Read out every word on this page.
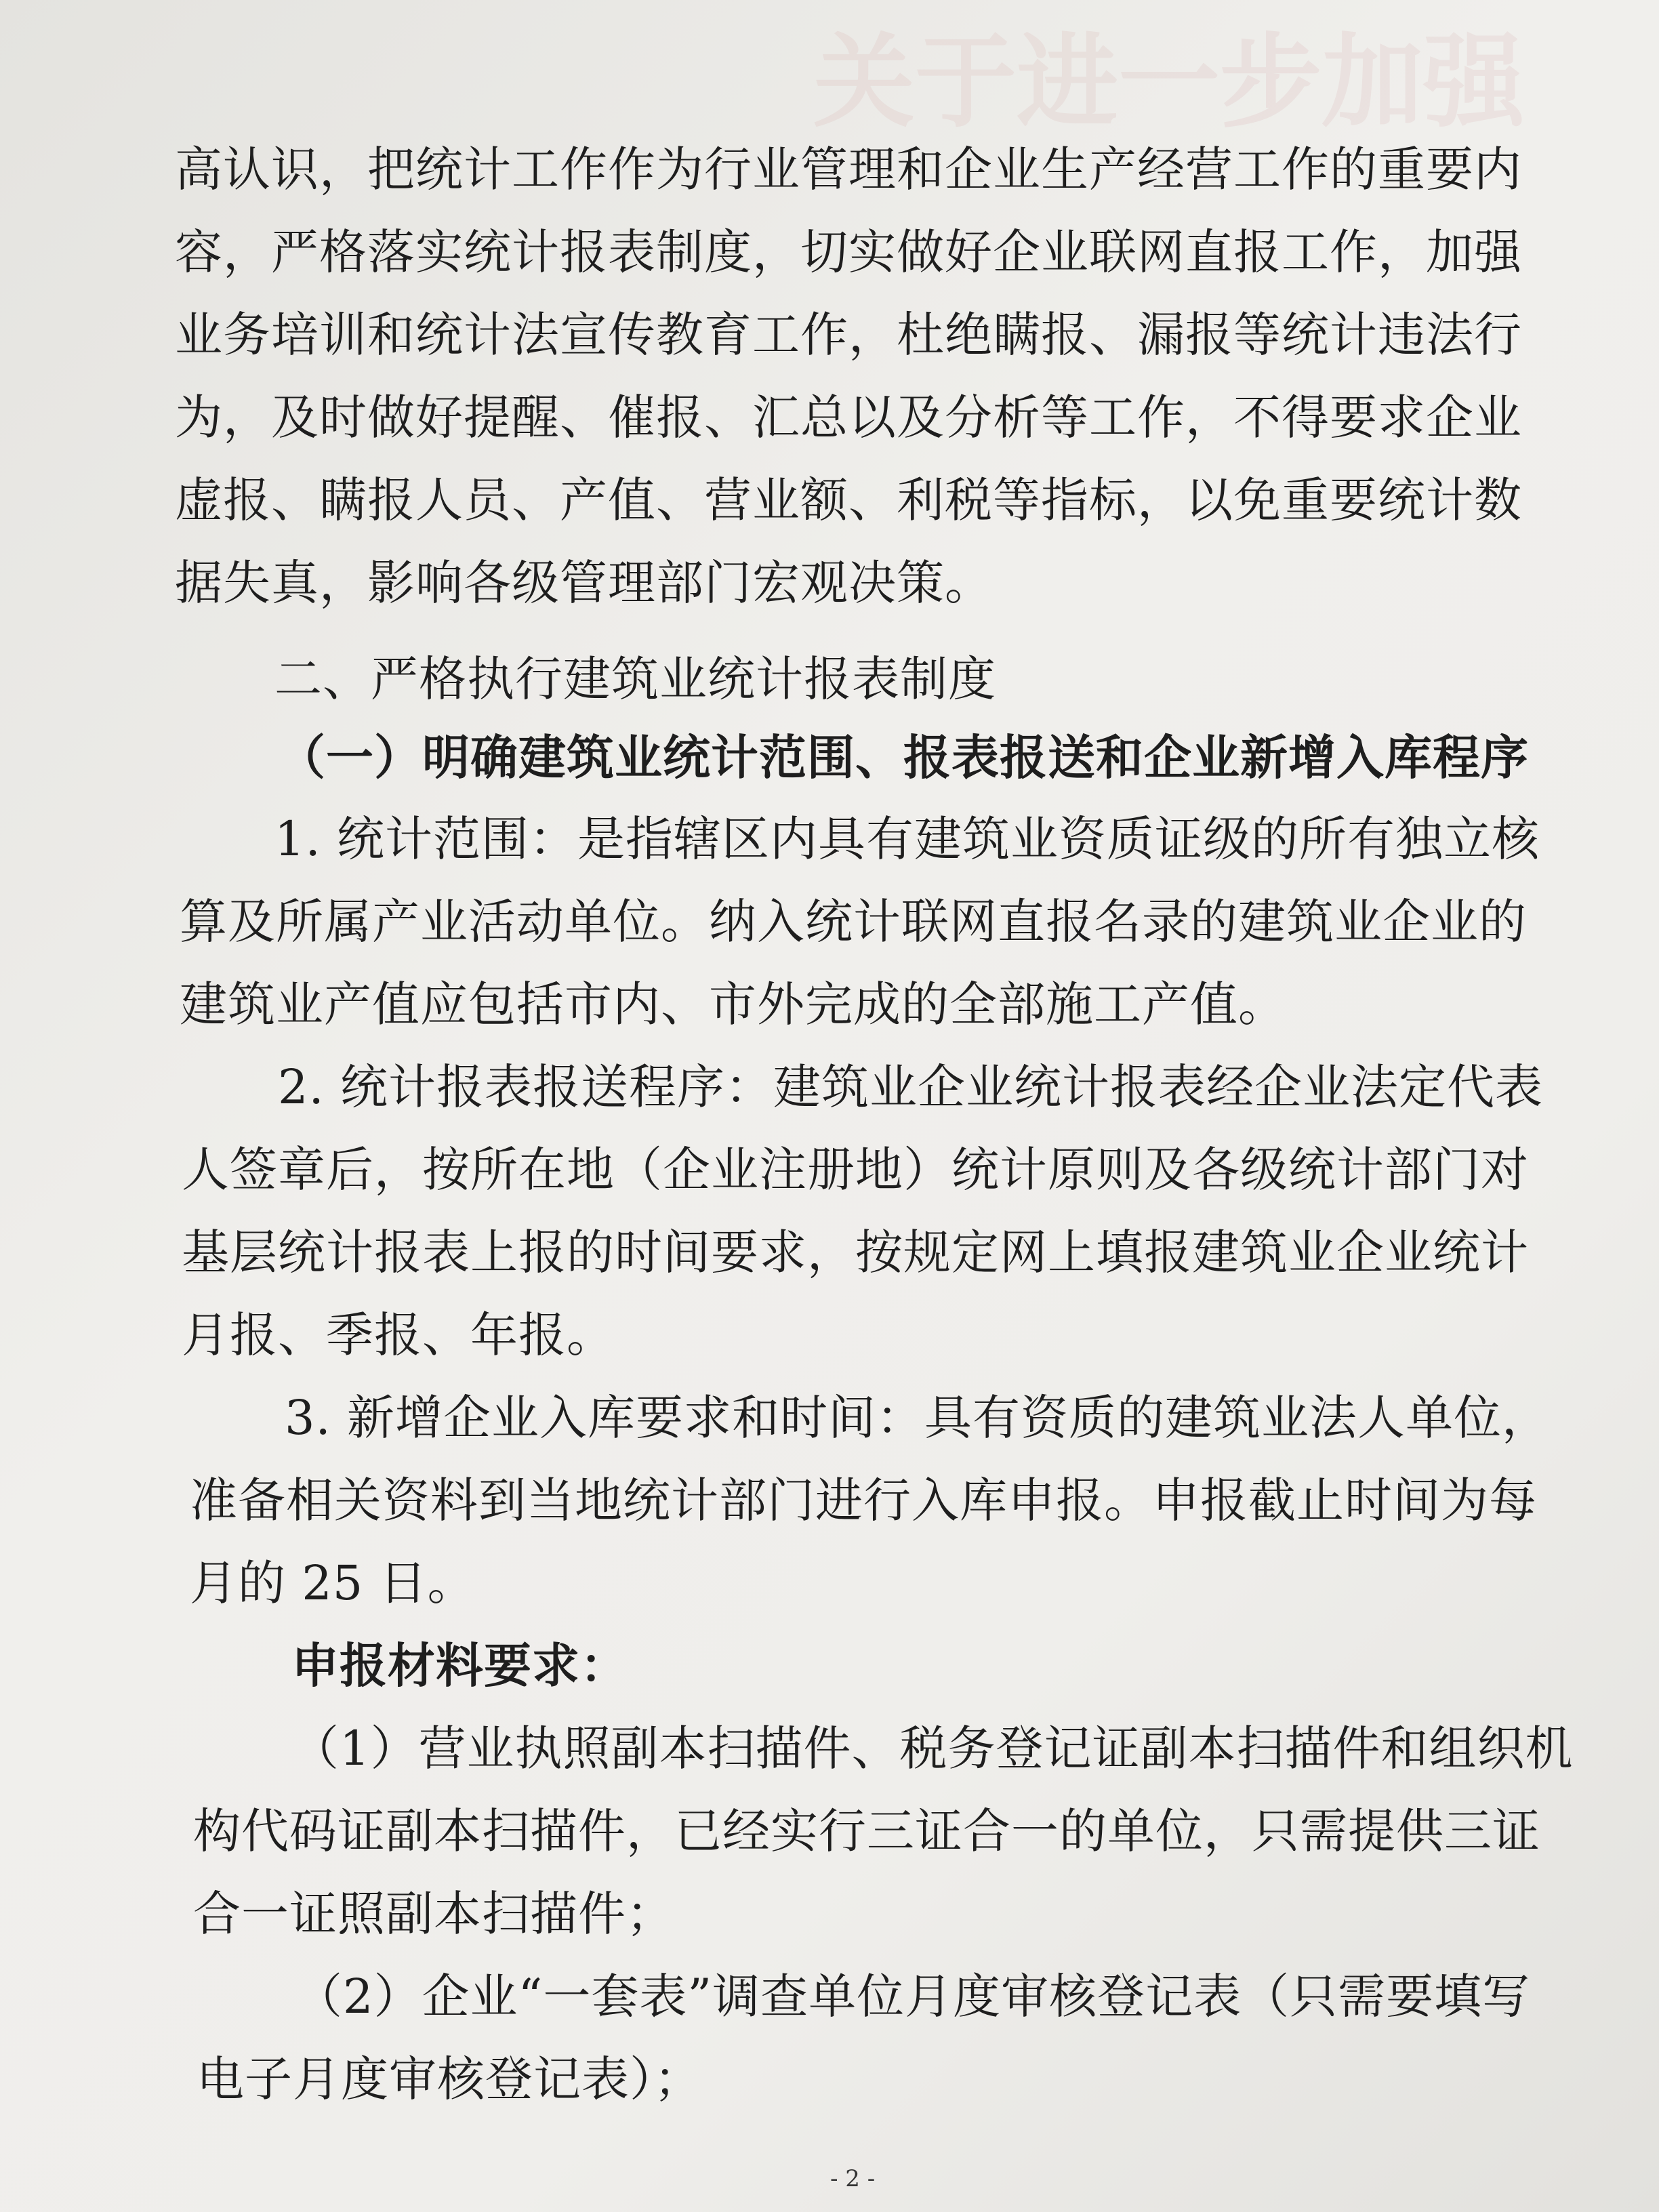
关于进一步加强
高认识，把统计工作作为行业管理和企业生产经营工作的重要内
容，严格落实统计报表制度，切实做好企业联网直报工作，加强
业务培训和统计法宣传教育工作，杜绝瞒报、漏报等统计违法行
为，及时做好提醒、催报、汇总以及分析等工作，不得要求企业
虚报、瞒报人员、产值、营业额、利税等指标，以免重要统计数
据失真，影响各级管理部门宏观决策。
二、严格执行建筑业统计报表制度
（一）明确建筑业统计范围、报表报送和企业新增入库程序
1. 统计范围：是指辖区内具有建筑业资质证级的所有独立核
算及所属产业活动单位。纳入统计联网直报名录的建筑业企业的
建筑业产值应包括市内、市外完成的全部施工产值。
2. 统计报表报送程序：建筑业企业统计报表经企业法定代表
人签章后，按所在地（企业注册地）统计原则及各级统计部门对
基层统计报表上报的时间要求，按规定网上填报建筑业企业统计
月报、季报、年报。
3. 新增企业入库要求和时间：具有资质的建筑业法人单位，
准备相关资料到当地统计部门进行入库申报。申报截止时间为每
月的 25 日。
申报材料要求：
（1）营业执照副本扫描件、税务登记证副本扫描件和组织机
构代码证副本扫描件，已经实行三证合一的单位，只需提供三证
合一证照副本扫描件；
（2）企业“一套表”调查单位月度审核登记表（只需要填写
电子月度审核登记表）；
- 2 -
